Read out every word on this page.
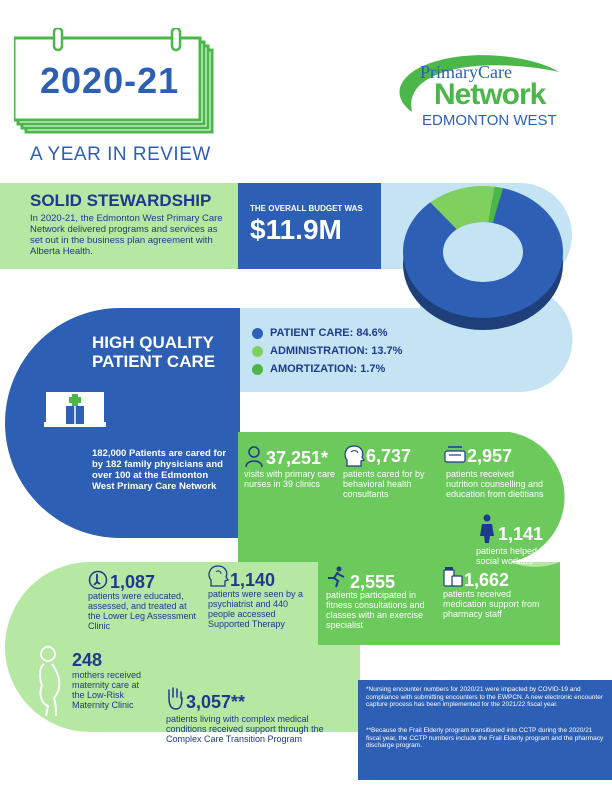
2020-21
A YEAR IN REVIEW
PrimaryCare
Network
EDMONTON WEST
SOLID STEWARDSHIP
In 2020-21, the Edmonton West Primary Care Network delivered programs and services as set out in the business plan agreement with Alberta Health.
THE OVERALL BUDGET WAS
$11.9M
PATIENT CARE: 84.6%
ADMINISTRATION: 13.7%
AMORTIZATION: 1.7%
HIGH QUALITY
PATIENT CARE
182,000 Patients are cared for by 182 family physicians and over 100 at the Edmonton West Primary Care Network
37,251*
visits with primary care nurses in 39 clinics
6,737
patients cared for by behavioral health consultants
2,957
patients received nutrition counselling and education from dietitians
1,141
patients helped by social workers
2,555
patients participated in fitness consultations and classes with an exercise specialist
1,662
patients received medication support from pharmacy staff
1,140
patients were seen by a psychiatrist and 440 people accessed Supported Therapy
1,087
patients were educated, assessed, and treated at the Lower Leg Assessment Clinic
248
mothers received maternity care at the Low-Risk Maternity Clinic	3,057**
patients living with complex medical conditions received support through the Complex Care Transition Program
*Nursing encounter numbers for 2020/21 were impacted by COVID-19 and compliance with submitting encounters to the EWPCN. A new electronic encounter capture process has been implemented for the 2021/22 fiscal year.
**Because the Frail Elderly program transitioned into CCTP during the 2020/21 fiscal year, the CCTP numbers include the Frail Elderly program and the pharmacy discharge program.
